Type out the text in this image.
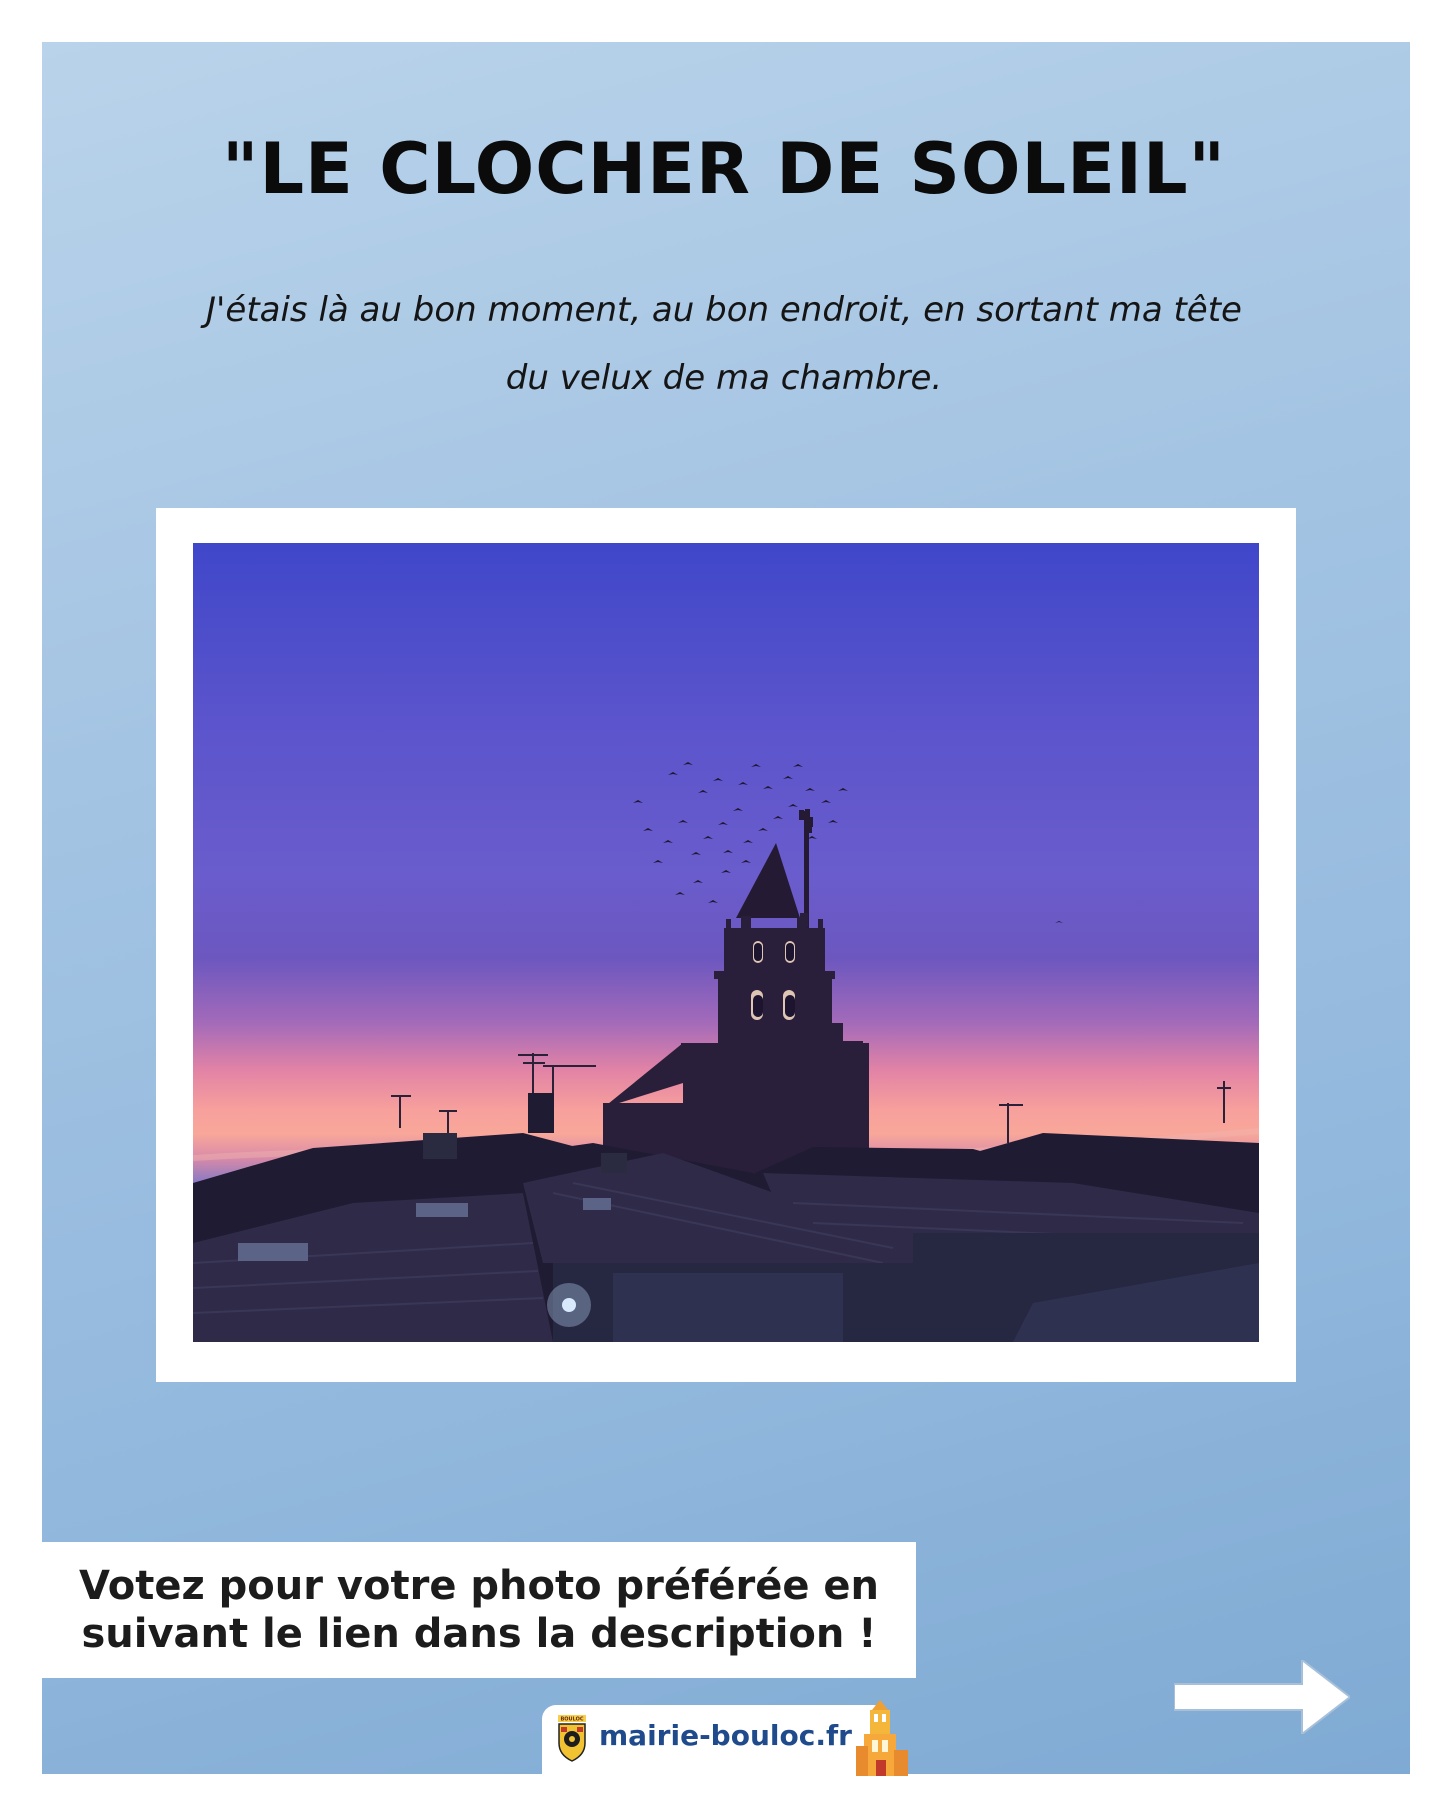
"LE CLOCHER DE SOLEIL"
J'étais là au bon moment, au bon endroit, en sortant ma tête
du velux de ma chambre.
Votez pour votre photo préférée en
suivant le lien dans la description !
BOULOC mairie-bouloc.fr
